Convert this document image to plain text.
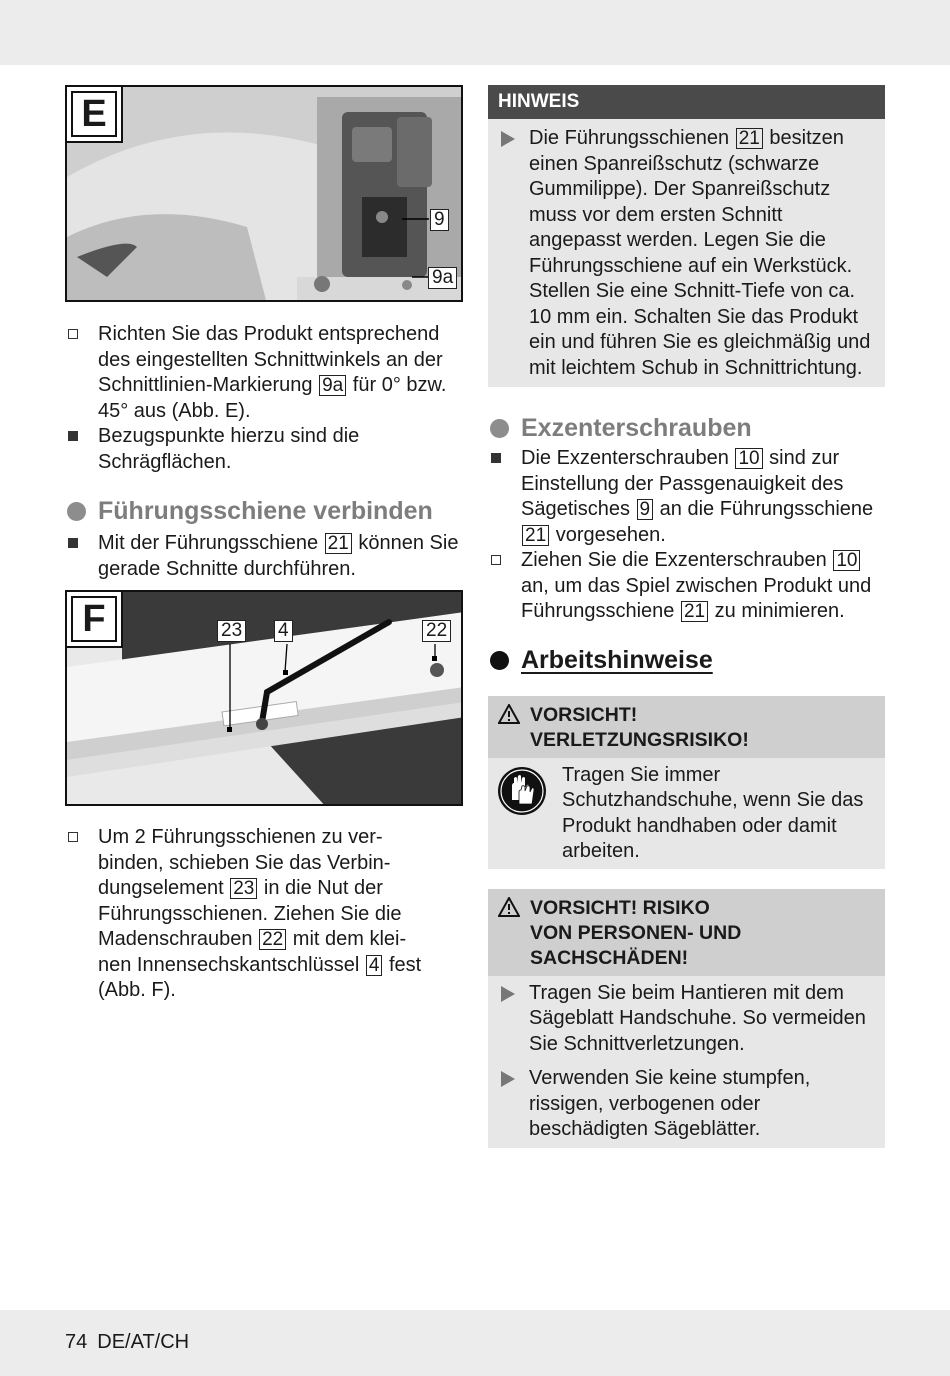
E
9
9a
Richten Sie das Produkt entsprechend des eingestellten Schnittwinkels an der Schnittlinien-Markierung 9a für 0° bzw. 45° aus (Abb. E).
Bezugspunkte hierzu sind die Schrägflächen.
Führungsschiene verbinden
Mit der Führungsschiene 21 können Sie gerade Schnitte durchführen.
F	23 4	22
Um 2 Führungsschienen zu ver-
binden, schieben Sie das Verbin-
dungselement 23 in die Nut der
Führungsschienen. Ziehen Sie die
Madenschrauben 22 mit dem klei-
nen Innensechskantschlüssel 4 fest
(Abb. F).
HINWEIS
Die Führungsschienen 21 besitzen einen Spanreißschutz (schwarze Gummilippe). Der Spanreißschutz muss vor dem ersten Schnitt angepasst werden. Legen Sie die Führungsschiene auf ein Werkstück. Stellen Sie eine Schnitt-Tiefe von ca. 10 mm ein. Schalten Sie das Produkt ein und führen Sie es gleichmäßig und mit leichtem Schub in Schnittrichtung.
Exzenterschrauben
Die Exzenterschrauben 10 sind zur Einstellung der Passgenauigkeit des Sägetisches 9 an die Führungsschiene 21 vorgesehen.
Ziehen Sie die Exzenterschrauben 10 an, um das Spiel zwischen Produkt und Führungsschiene 21 zu minimieren.
Arbeitshinweise
VORSICHT!
VERLETZUNGSRISIKO!
Tragen Sie immer Schutzhandschuhe, wenn Sie das Produkt handhaben oder damit arbeiten.
VORSICHT! RISIKO
VON PERSONEN- UND
SACHSCHÄDEN!
Tragen Sie beim Hantieren mit dem Sägeblatt Handschuhe. So vermeiden Sie Schnittverletzungen.
Verwenden Sie keine stumpfen, rissigen, verbogenen oder beschädigten Sägeblätter.
74 DE/AT/CH
